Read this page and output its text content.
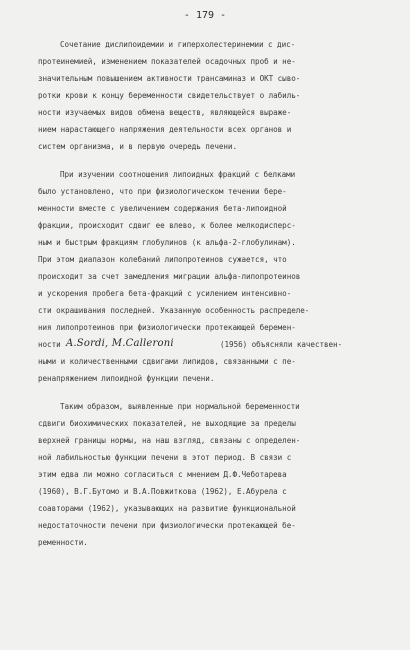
- 179 -
Сочетание дислипоидемии и гиперхолестеринемии с дис-
протеинемией, изменением показателей осадочных проб и не-
значительным повышением активности трансаминаз и ОКТ сыво-
ротки крови к концу беременности свидетельствует о лабиль-
ности изучаемых видов обмена веществ, являющейся выраже-
нием нарастающего напряжения деятельности всех органов и
систем организма, и в первую очередь печени.
При изучении соотношения липоидных фракций с белками
было установлено, что при физиологическом течении бере-
менности вместе с увеличением содержания бета-липоидной
фракции, происходит сдвиг ее влево, к более мелкодисперс-
ным и быстрым фракциям глобулинов (к альфа-2-глобулинам).
При этом диапазон колебаний липопротеинов сужается, что
происходит за счет замедления миграции альфа-липопротеинов
и ускорения пробега бета-фракций с усилением интенсивно-
сти окрашивания последней. Указанную особенность распределе-
ния липопротеинов при физиологически протекающей беремен-
ности	(1956) объясняли качествен-
ными и количественными сдвигами липидов, связанными с пе-
ренапряжением липоидной функции печени.
Таким образом, выявленные при нормальной беременности
сдвиги биохимических показателей, не выходящие за пределы
верхней границы нормы, на наш взгляд, связаны с определен-
ной лабильностью функции печени в этот период. В связи с
этим едва ли можно согласиться с мнением Д.Ф.Чеботарева
(1960), В.Г.Бутомо и В.А.Повжиткова (1962), Е.Абурела с
соавторами (1962), указывающих на развитие функциональной
недостаточности печени при физиологически протекающей бе-
ременности.
A.Sordi, M.Calleroni
